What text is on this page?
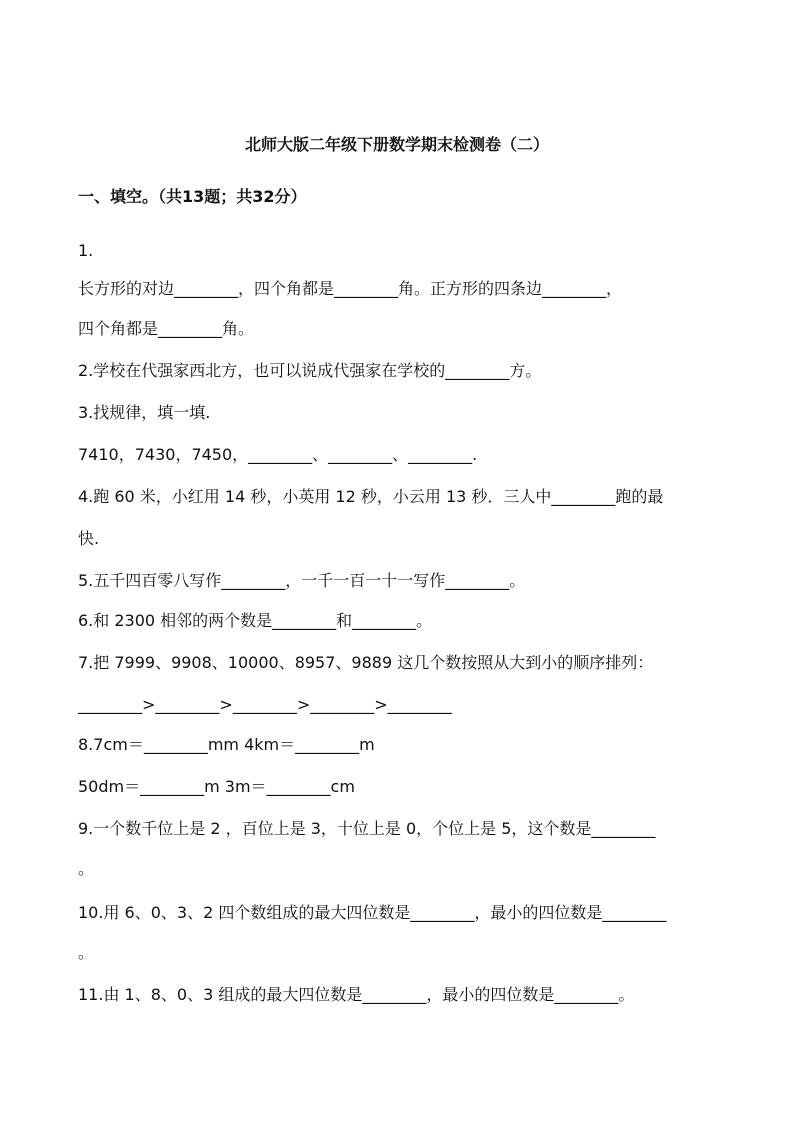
北师大版二年级下册数学期末检测卷（二）
一、填空。（共13题；共32分）
1.
长方形的对边________，四个角都是________角。正方形的四条边________，
四个角都是________角。
2.学校在代强家西北方，也可以说成代强家在学校的________方。
3.找规律，填一填.
7410，7430，7450，________、________、________.
4.跑 60 米，小红用 14 秒，小英用 12 秒，小云用 13 秒．三人中________跑的最
快.
5.五千四百零八写作________，一千一百一十一写作________。
6.和 2300 相邻的两个数是________和________。
7.把 7999、9908、10000、8957、9889 这几个数按照从大到小的顺序排列：
________>________>________>________>________
8.7cm＝________mm 4km＝________m
50dm＝________m 3m＝________cm
9.一个数千位上是 2 ，百位上是 3，十位上是 0，个位上是 5，这个数是________
。
10.用 6、0、3、2 四个数组成的最大四位数是________，最小的四位数是________
。
11.由 1、8、0、3 组成的最大四位数是________，最小的四位数是________。
